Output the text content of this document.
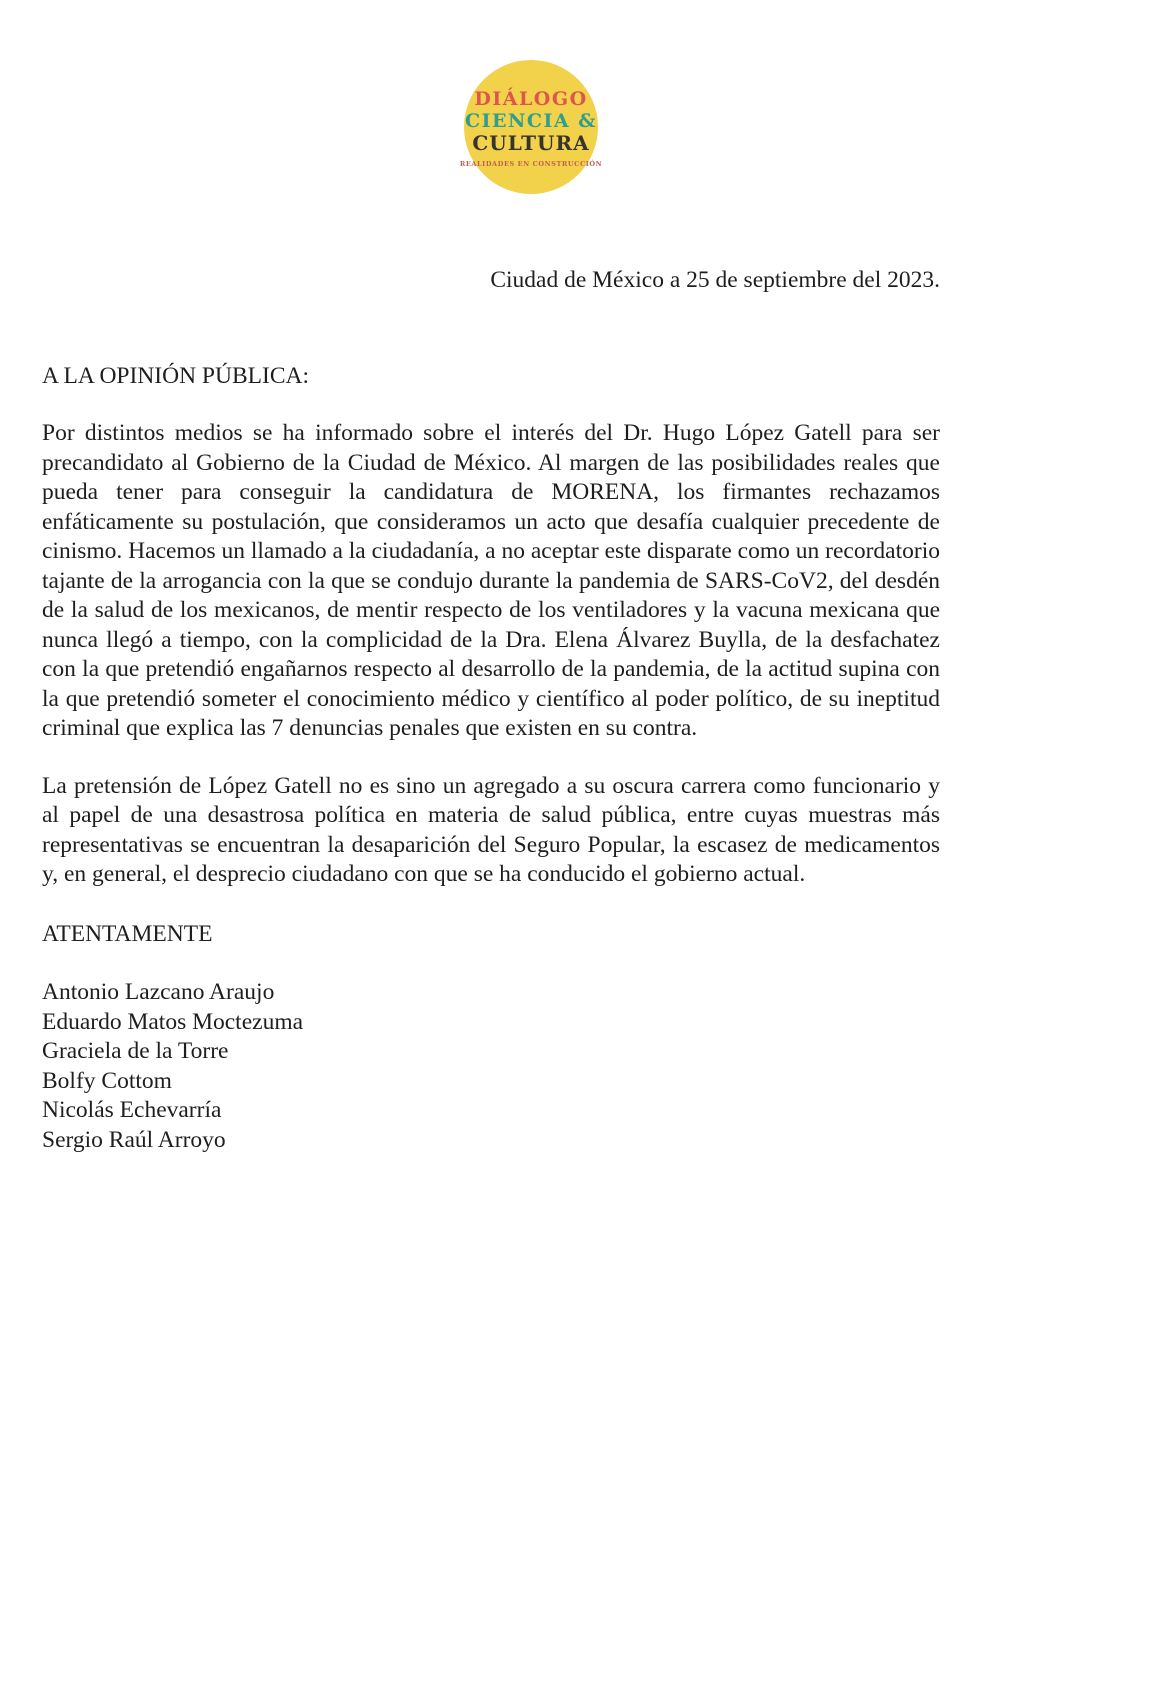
DIÁLOGO
CIENCIA &
CULTURA
REALIDADES EN CONSTRUCCIÓN

Ciudad de México a 25 de septiembre del 2023.

A LA OPINIÓN PÚBLICA:

Por distintos medios se ha informado sobre el interés del Dr. Hugo López Gatell para ser precandidato al Gobierno de la Ciudad de México. Al margen de las posibilidades reales que pueda tener para conseguir la candidatura de MORENA, los firmantes rechazamos enfáticamente su postulación, que consideramos un acto que desafía cualquier precedente de cinismo. Hacemos un llamado a la ciudadanía, a no aceptar este disparate como un recordatorio tajante de la arrogancia con la que se condujo durante la pandemia de SARS-CoV2, del desdén de la salud de los mexicanos, de mentir respecto de los ventiladores y la vacuna mexicana que nunca llegó a tiempo, con la complicidad de la Dra. Elena Álvarez Buylla, de la desfachatez con la que pretendió engañarnos respecto al desarrollo de la pandemia, de la actitud supina con la que pretendió someter el conocimiento médico y científico al poder político, de su ineptitud criminal que explica las 7 denuncias penales que existen en su contra.

La pretensión de López Gatell no es sino un agregado a su oscura carrera como funcionario y al papel de una desastrosa política en materia de salud pública, entre cuyas muestras más representativas se encuentran la desaparición del Seguro Popular, la escasez de medicamentos y, en general, el desprecio ciudadano con que se ha conducido el gobierno actual.

ATENTAMENTE

Antonio Lazcano Araujo
Eduardo Matos Moctezuma
Graciela de la Torre
Bolfy Cottom
Nicolás Echevarría
Sergio Raúl Arroyo
